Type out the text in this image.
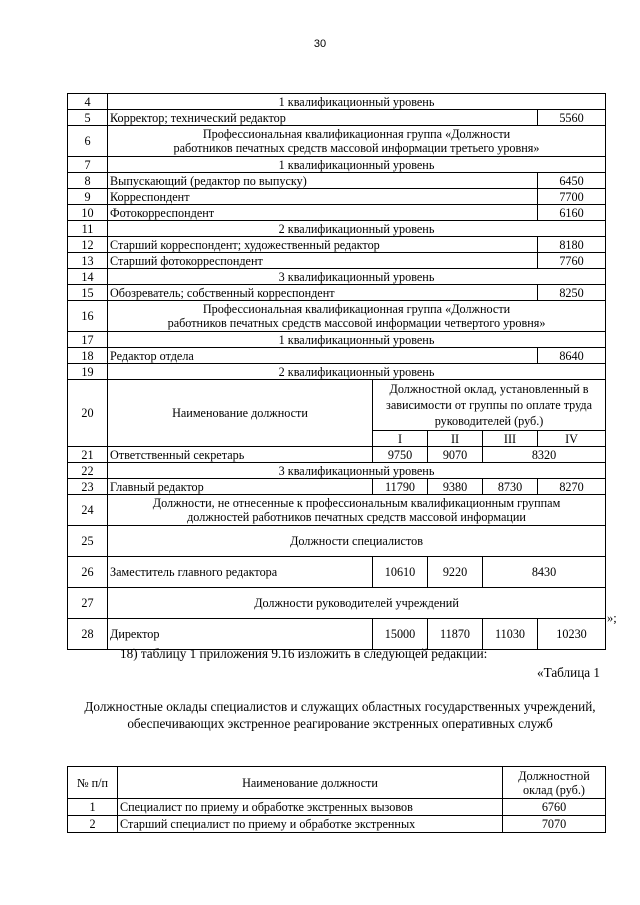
30
4	1 квалификационный уровень				
5	Корректор; технический редактор				5560
6	Профессиональная квалификационная группа «Должности
работников печатных средств массовой информации третьего уровня»				

7	1 квалификационный уровень				
8	Выпускающий (редактор по выпуску)				6450
9	Корреспондент				7700
10	Фотокорреспондент				6160
11	2 квалификационный уровень				
12	Старший корреспондент; художественный редактор				8180
13	Старший фотокорреспондент				7760
14	3 квалификационный уровень				
15	Обозреватель; собственный корреспондент				8250
16	Профессиональная квалификационная группа «Должности
работников печатных средств массовой информации четвертого уровня»				

17	1 квалификационный уровень				
18	Редактор отдела				8640
19	2 квалификационный уровень				
20	Наименование должности	Должностной оклад, установленный в зависимости от группы по оплате труда руководителей (руб.)			
		I	II	III	IV
21	Ответственный секретарь	9750	9070	8320	
22	3 квалификационный уровень				
23	Главный редактор	11790	9380	8730	8270
24	Должности, не отнесенные к профессиональным квалификационным группам
должностей работников печатных средств массовой информации				

25	Должности специалистов				
26	Заместитель главного редактора	10610	9220	8430	
27	Должности руководителей учреждений				
28	Директор	15000	11870	11030	10230
»;
18) таблицу 1 приложения 9.16 изложить в следующей редакции:
«Таблица 1
Должностные оклады специалистов и служащих областных государственных учреждений, обеспечивающих экстренное реагирование экстренных оперативных служб
№ п/п	Наименование должности	Должностной оклад (руб.)
1	Специалист по приему и обработке экстренных вызовов	6760
2	Старший специалист по приему и обработке экстренных	7070
